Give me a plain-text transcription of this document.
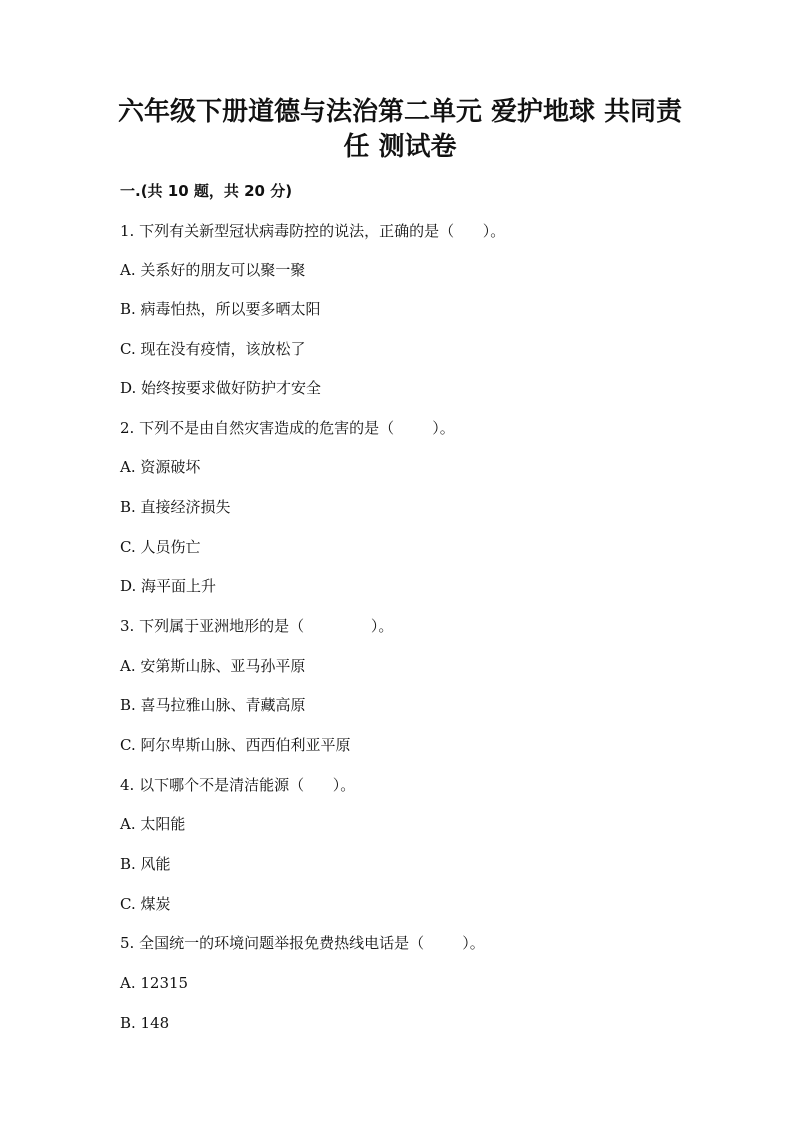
六年级下册道德与法治第二单元 爱护地球 共同责
任 测试卷
一.(共 10 题，共 20 分)
1. 下列有关新型冠状病毒防控的说法，正确的是（      ）。
A. 关系好的朋友可以聚一聚
B. 病毒怕热，所以要多晒太阳
C. 现在没有疫情，该放松了
D. 始终按要求做好防护才安全
2. 下列不是由自然灾害造成的危害的是（        ）。
A. 资源破坏
B. 直接经济损失
C. 人员伤亡
D. 海平面上升
3. 下列属于亚洲地形的是（              ）。
A. 安第斯山脉、亚马孙平原
B. 喜马拉雅山脉、青藏高原
C. 阿尔卑斯山脉、西西伯利亚平原
4. 以下哪个不是清洁能源（      ）。
A. 太阳能
B. 风能
C. 煤炭
5. 全国统一的环境问题举报免费热线电话是（        ）。
A. 12315
B. 148
